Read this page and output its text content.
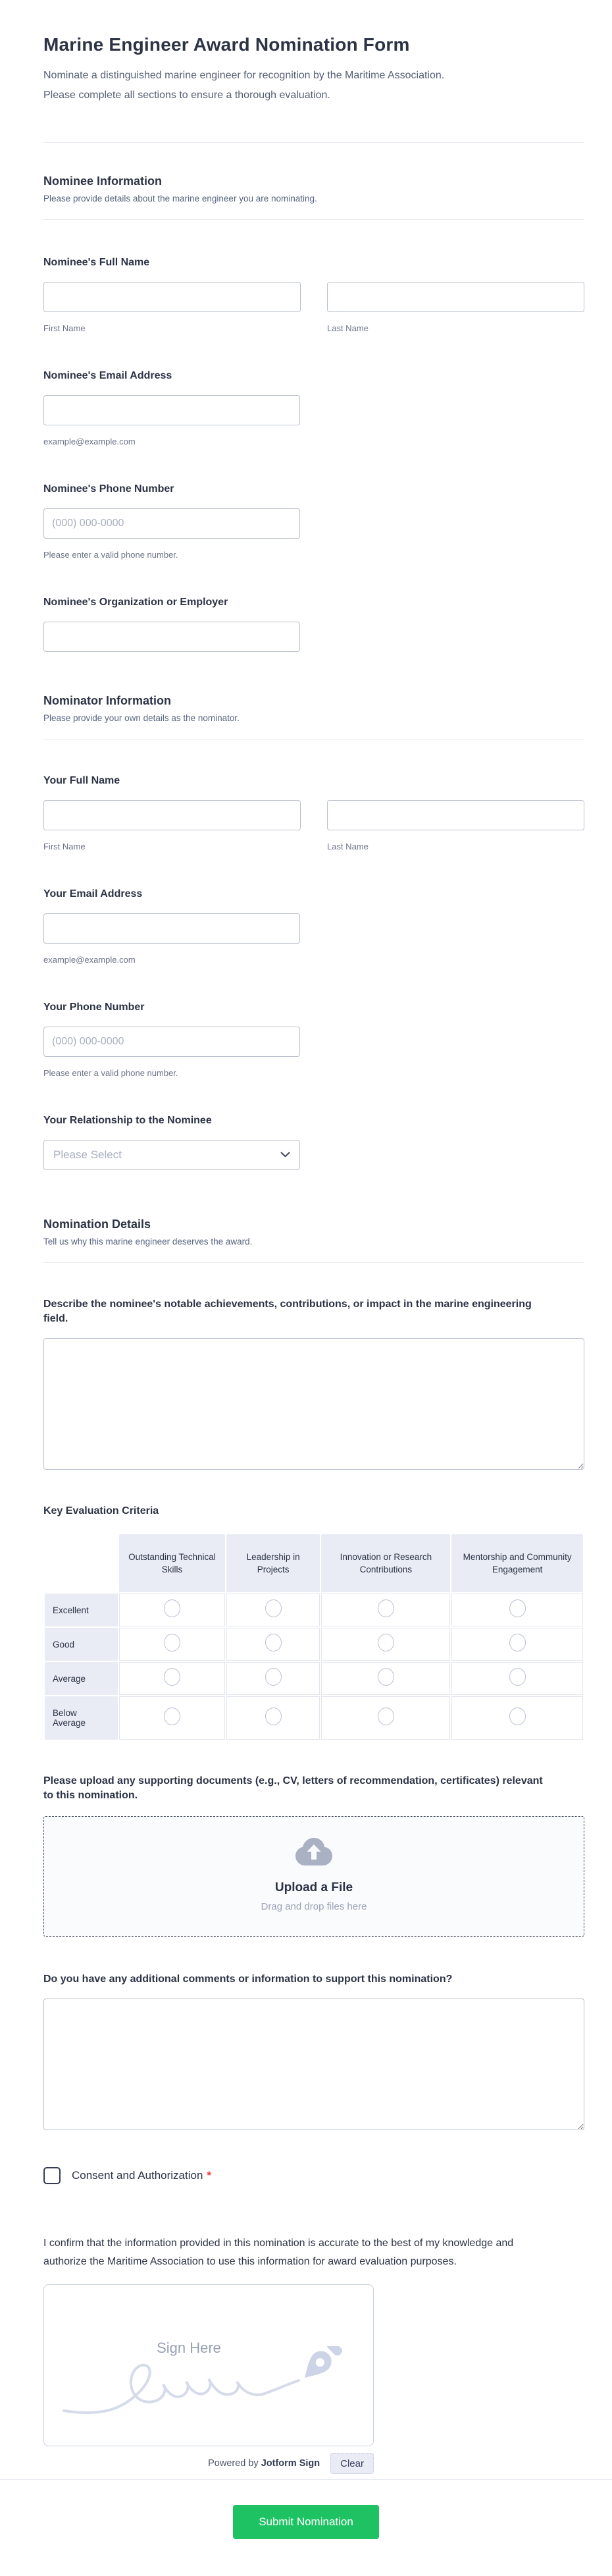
Marine Engineer Award Nomination Form

Nominate a distinguished marine engineer for recognition by the Maritime Association. Please complete all sections to ensure a thorough evaluation.

Nominee Information

Please provide details about the marine engineer you are nominating.

Nominee's Full Name
First Name	Last Name
Nominee's Email Address
example@example.com
Nominee's Phone Number
(000) 000-0000
Please enter a valid phone number.
Nominee's Organization or Employer
Nominator Information

Please provide your own details as the nominator.

Your Full Name
First Name	Last Name
Your Email Address
example@example.com
Your Phone Number
(000) 000-0000
Please enter a valid phone number.
Your Relationship to the Nominee
Please Select
Nomination Details

Tell us why this marine engineer deserves the award.

Describe the nominee's notable achievements, contributions, or impact in the marine engineering field.
Key Evaluation Criteria
	Outstanding Technical Skills	Leadership in Projects	Innovation or Research Contributions	Mentorship and Community Engagement
Excellent				
Good				
Average				
Below Average				
Please upload any supporting documents (e.g., CV, letters of recommendation, certificates) relevant to this nomination.
Upload a File
Drag and drop files here
Do you have any additional comments or information to support this nomination?
Consent and Authorization *

I confirm that the information provided in this nomination is accurate to the best of my knowledge and authorize the Maritime Association to use this information for award evaluation purposes.

Sign Here
Powered by Jotform Sign	Clear
Submit Nomination
